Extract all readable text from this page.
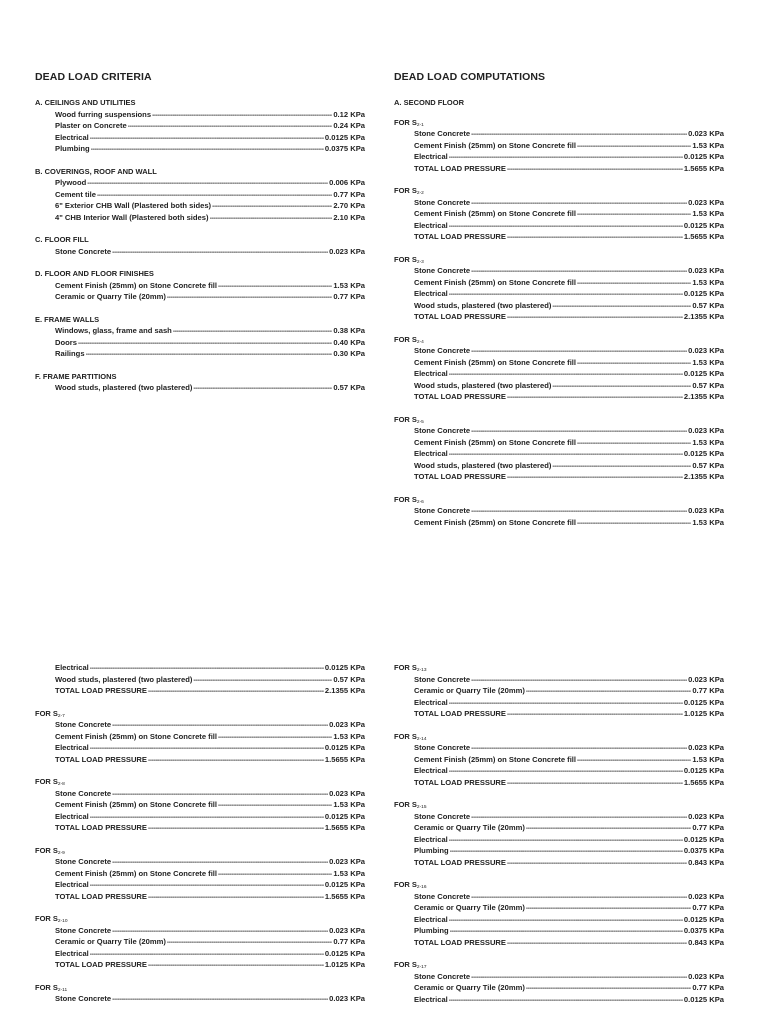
DEAD LOAD CRITERIA
A. CEILINGS AND UTILITIES
Wood furring suspensions -----	0.12 KPa
Plaster on Concrete -----	0.24 KPa
Electrical -----	0.0125 KPa
Plumbing -----	0.0375 KPa
B. COVERINGS, ROOF AND WALL
Plywood -----	0.006 KPa
Cement tile -----	0.77 KPa
6" Exterior CHB Wall (Plastered both sides) -----	2.70 KPa
4" CHB Interior Wall (Plastered both sides) -----	2.10 KPa
C. FLOOR FILL
Stone Concrete -----	0.023 KPa
D. FLOOR AND FLOOR FINISHES
Cement Finish (25mm) on Stone Concrete fill -----	1.53 KPa
Ceramic or Quarry Tile (20mm) -----	0.77 KPa
E. FRAME WALLS
Windows, glass, frame and sash -----	0.38 KPa
Doors -----	0.40 KPa
Railings -----	0.30 KPa
F. FRAME PARTITIONS
Wood studs, plastered (two plastered) -----	0.57 KPa
DEAD LOAD COMPUTATIONS
A. SECOND FLOOR
FOR $S_{2-1}$
Stone Concrete -----	0.023 KPa
Cement Finish (25mm) on Stone Concrete fill -----	1.53 KPa
Electrical -----	0.0125 KPa
TOTAL LOAD PRESSURE -----	1.5655 KPa
FOR $S_{2-2}$
Stone Concrete -----	0.023 KPa
Cement Finish (25mm) on Stone Concrete fill -----	1.53 KPa
Electrical -----	0.0125 KPa
TOTAL LOAD PRESSURE -----	1.5655 KPa
FOR $S_{2-3}$
Stone Concrete -----	0.023 KPa
Cement Finish (25mm) on Stone Concrete fill -----	1.53 KPa
Electrical -----	0.0125 KPa
Wood studs, plastered (two plastered) -----	0.57 KPa
TOTAL LOAD PRESSURE -----	2.1355 KPa
FOR $S_{2-4}$
Stone Concrete -----	0.023 KPa
Cement Finish (25mm) on Stone Concrete fill -----	1.53 KPa
Electrical -----	0.0125 KPa
Wood studs, plastered (two plastered) -----	0.57 KPa
TOTAL LOAD PRESSURE -----	2.1355 KPa
FOR $S_{2-5}$
Stone Concrete -----	0.023 KPa
Cement Finish (25mm) on Stone Concrete fill -----	1.53 KPa
Electrical -----	0.0125 KPa
Wood studs, plastered (two plastered) -----	0.57 KPa
TOTAL LOAD PRESSURE -----	2.1355 KPa
FOR $S_{2-6}$
Stone Concrete -----	0.023 KPa
Cement Finish (25mm) on Stone Concrete fill -----	1.53 KPa
Electrical -----	0.0125 KPa
Wood studs, plastered (two plastered) -----	0.57 KPa
TOTAL LOAD PRESSURE -----	2.1355 KPa
FOR $S_{2-7}$
Stone Concrete -----	0.023 KPa
Cement Finish (25mm) on Stone Concrete fill -----	1.53 KPa
Electrical -----	0.0125 KPa
TOTAL LOAD PRESSURE -----	1.5655 KPa
FOR $S_{2-8}$
Stone Concrete -----	0.023 KPa
Cement Finish (25mm) on Stone Concrete fill -----	1.53 KPa
Electrical -----	0.0125 KPa
TOTAL LOAD PRESSURE -----	1.5655 KPa
FOR $S_{2-9}$
Stone Concrete -----	0.023 KPa
Cement Finish (25mm) on Stone Concrete fill -----	1.53 KPa
Electrical -----	0.0125 KPa
TOTAL LOAD PRESSURE -----	1.5655 KPa
FOR $S_{2-10}$
Stone Concrete -----	0.023 KPa
Ceramic or Quarry Tile (20mm) -----	0.77 KPa
Electrical -----	0.0125 KPa
TOTAL LOAD PRESSURE -----	1.0125 KPa
FOR $S_{2-11}$
Stone Concrete -----	0.023 KPa
FOR $S_{2-13}$
Stone Concrete -----	0.023 KPa
Ceramic or Quarry Tile (20mm) -----	0.77 KPa
Electrical -----	0.0125 KPa
TOTAL LOAD PRESSURE -----	1.0125 KPa
FOR $S_{2-14}$
Stone Concrete -----	0.023 KPa
Cement Finish (25mm) on Stone Concrete fill -----	1.53 KPa
Electrical -----	0.0125 KPa
TOTAL LOAD PRESSURE -----	1.5655 KPa
FOR $S_{2-15}$
Stone Concrete -----	0.023 KPa
Ceramic or Quarry Tile (20mm) -----	0.77 KPa
Electrical -----	0.0125 KPa
Plumbing -----	0.0375 KPa
TOTAL LOAD PRESSURE -----	0.843 KPa
FOR $S_{2-16}$
Stone Concrete -----	0.023 KPa
Ceramic or Quarry Tile (20mm) -----	0.77 KPa
Electrical -----	0.0125 KPa
Plumbing -----	0.0375 KPa
TOTAL LOAD PRESSURE -----	0.843 KPa
FOR $S_{2-17}$
Stone Concrete -----	0.023 KPa
Ceramic or Quarry Tile (20mm) -----	0.77 KPa
Electrical -----	0.0125 KPa
